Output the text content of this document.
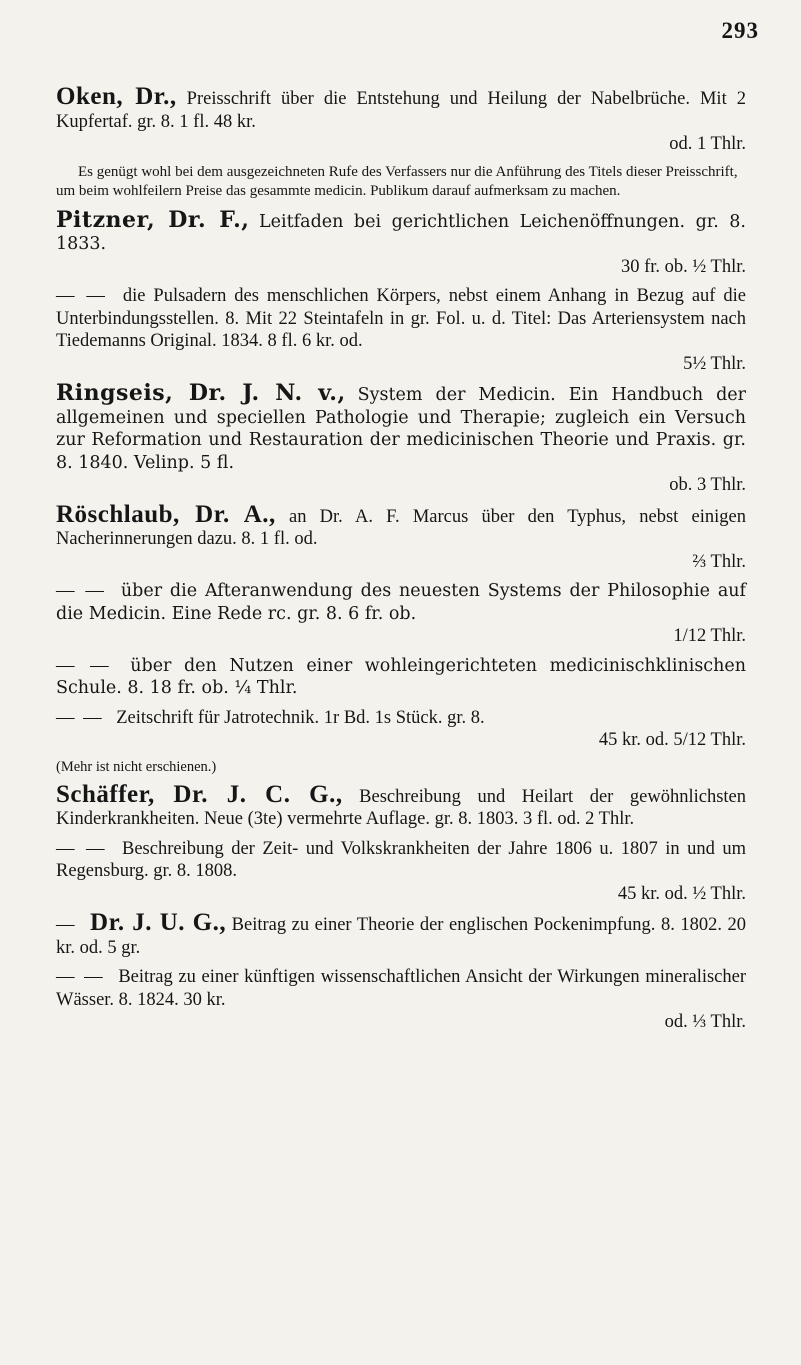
293
Oken, Dr., Preisschrift über die Entstehung und Heilung der Nabelbrüche. Mit 2 Kupfertaf. gr. 8. 1 fl. 48 kr.
od. 1 Thlr.
Es genügt wohl bei dem ausgezeichneten Rufe des Verfassers nur die Anführung des Titels dieser Preisschrift, um beim wohlfeilern Preise das gesammte medicin. Publikum darauf aufmerksam zu machen.
Pitzner, Dr. F., Leitfaden bei gerichtlichen Leichenöffnungen. gr. 8. 1833.
30 fr. ob. ½ Thlr.
— — die Pulsadern des menschlichen Körpers, nebst einem Anhang in Bezug auf die Unterbindungsstellen. 8. Mit 22 Steintafeln in gr. Fol. u. d. Titel: Das Arteriensystem nach Tiedemanns Original. 1834. 8 fl. 6 kr. od.
5½ Thlr.
Ringseis, Dr. J. N. v., System der Medicin. Ein Handbuch der allgemeinen und speciellen Pathologie und Therapie; zugleich ein Versuch zur Reformation und Restauration der medicinischen Theorie und Praxis. gr. 8. 1840. Velinp. 5 fl.
ob. 3 Thlr.
Röschlaub, Dr. A., an Dr. A. F. Marcus über den Typhus, nebst einigen Nacherinnerungen dazu. 8. 1 fl. od.
⅔ Thlr.
— — über die Afteranwendung des neuesten Systems der Philosophie auf die Medicin. Eine Rede rc. gr. 8. 6 fr. ob.
1/12 Thlr.
— — über den Nutzen einer wohleingerichteten medicinischklinischen Schule. 8. 18 fr. ob. ¼ Thlr.
— — Zeitschrift für Jatrotechnik. 1r Bd. 1s Stück. gr. 8.
45 kr. od. 5/12 Thlr.
(Mehr ist nicht erschienen.)
Schäffer, Dr. J. C. G., Beschreibung und Heilart der gewöhnlichsten Kinderkrankheiten. Neue (3te) vermehrte Auflage. gr. 8. 1803. 3 fl. od. 2 Thlr.
— — Beschreibung der Zeit- und Volkskrankheiten der Jahre 1806 u. 1807 in und um Regensburg. gr. 8. 1808.
45 kr. od. ½ Thlr.
— Dr. J. U. G., Beitrag zu einer Theorie der englischen Pockenimpfung. 8. 1802. 20 kr. od. 5 gr.
— — Beitrag zu einer künftigen wissenschaftlichen Ansicht der Wirkungen mineralischer Wässer. 8. 1824. 30 kr.
od. ⅓ Thlr.
